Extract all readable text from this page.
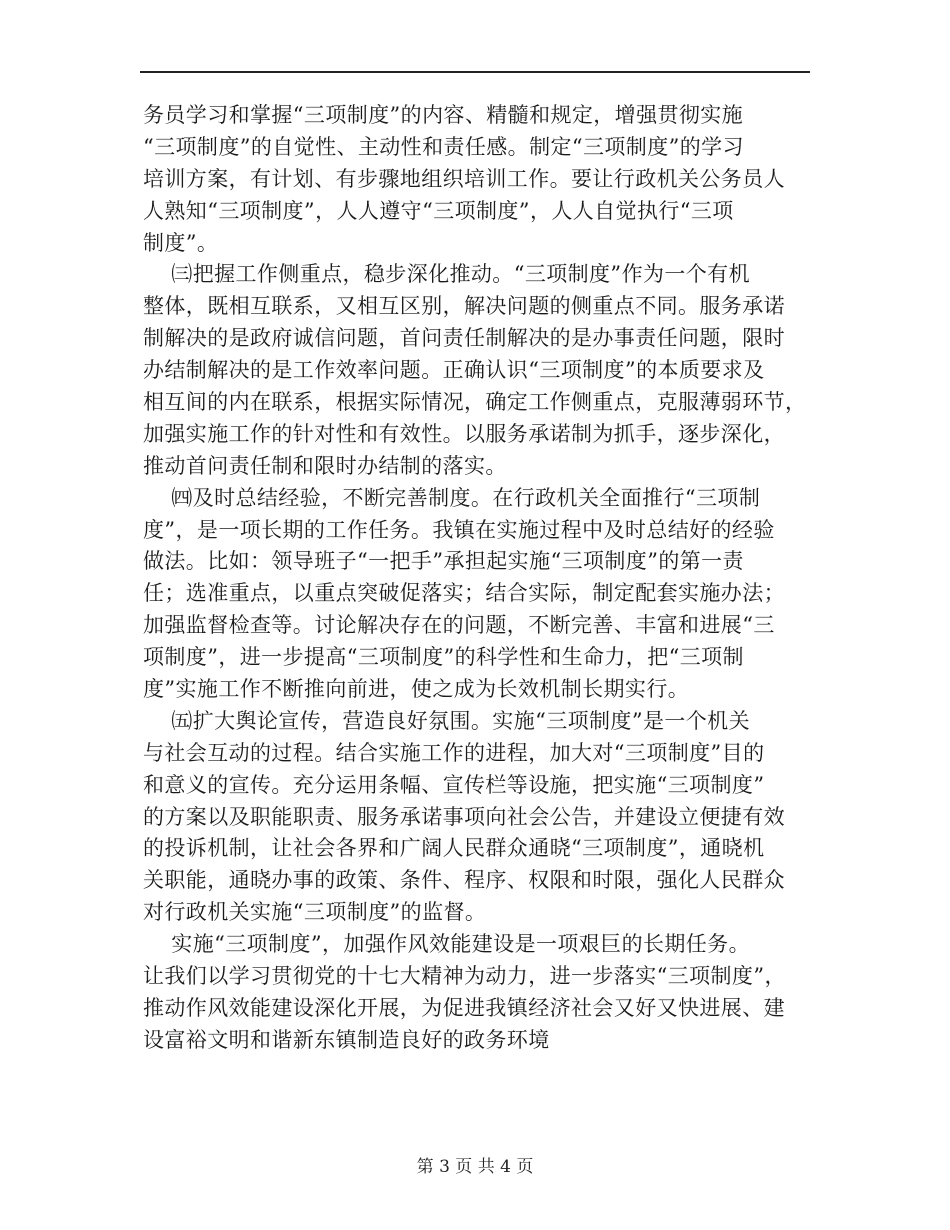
务员学习和掌握“三项制度”的内容、精髓和规定，增强贯彻实施
“三项制度”的自觉性、主动性和责任感。制定“三项制度”的学习
培训方案，有计划、有步骤地组织培训工作。要让行政机关公务员人
人熟知“三项制度”，人人遵守“三项制度”，人人自觉执行“三项
制度”。
㈢把握工作侧重点，稳步深化推动。“三项制度”作为一个有机
整体，既相互联系，又相互区别，解决问题的侧重点不同。服务承诺
制解决的是政府诚信问题，首问责任制解决的是办事责任问题，限时
办结制解决的是工作效率问题。正确认识“三项制度”的本质要求及
相互间的内在联系，根据实际情况，确定工作侧重点，克服薄弱环节，
加强实施工作的针对性和有效性。以服务承诺制为抓手，逐步深化，
推动首问责任制和限时办结制的落实。
㈣及时总结经验，不断完善制度。在行政机关全面推行“三项制
度”，是一项长期的工作任务。我镇在实施过程中及时总结好的经验
做法。比如：领导班子“一把手”承担起实施“三项制度”的第一责
任；选准重点，以重点突破促落实；结合实际，制定配套实施办法；
加强监督检查等。讨论解决存在的问题，不断完善、丰富和进展“三
项制度”，进一步提高“三项制度”的科学性和生命力，把“三项制
度”实施工作不断推向前进，使之成为长效机制长期实行。
㈤扩大舆论宣传，营造良好氛围。实施“三项制度”是一个机关
与社会互动的过程。结合实施工作的进程，加大对“三项制度”目的
和意义的宣传。充分运用条幅、宣传栏等设施，把实施“三项制度”
的方案以及职能职责、服务承诺事项向社会公告，并建设立便捷有效
的投诉机制，让社会各界和广阔人民群众通晓“三项制度”，通晓机
关职能，通晓办事的政策、条件、程序、权限和时限，强化人民群众
对行政机关实施“三项制度”的监督。
实施“三项制度”，加强作风效能建设是一项艰巨的长期任务。
让我们以学习贯彻党的十七大精神为动力，进一步落实“三项制度”，
推动作风效能建设深化开展，为促进我镇经济社会又好又快进展、建
设富裕文明和谐新东镇制造良好的政务环境
第 3 页 共 4 页
